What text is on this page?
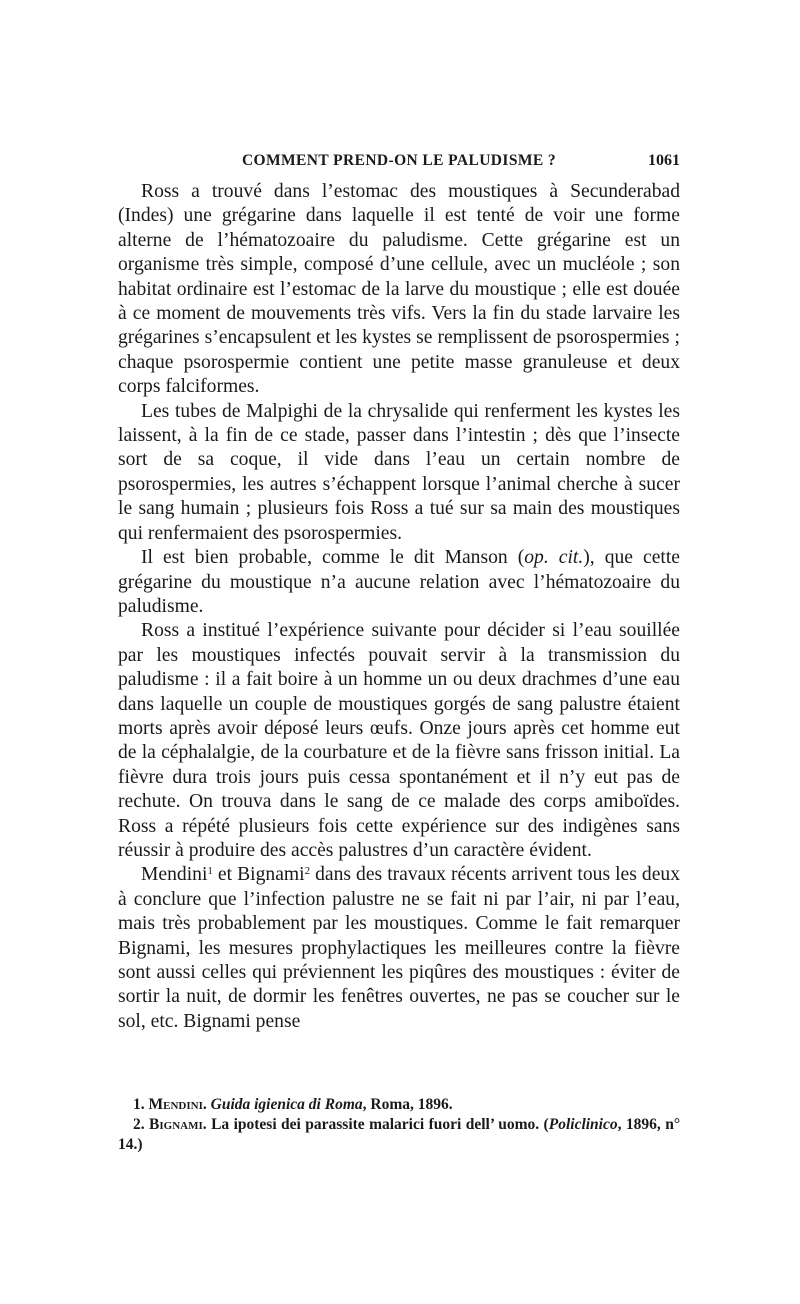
COMMENT PREND-ON LE PALUDISME ?	1061

Ross a trouvé dans l’estomac des moustiques à Secunderabad (Indes) une grégarine dans laquelle il est tenté de voir une forme alterne de l’hématozoaire du paludisme. Cette grégarine est un organisme très simple, composé d’une cellule, avec un mucléole ; son habitat ordinaire est l’estomac de la larve du moustique ; elle est douée à ce moment de mouvements très vifs. Vers la fin du stade larvaire les grégarines s’encapsulent et les kystes se remplissent de psorospermies ; chaque psorospermie contient une petite masse granuleuse et deux corps falciformes.

Les tubes de Malpighi de la chrysalide qui renferment les kystes les laissent, à la fin de ce stade, passer dans l’intestin ; dès que l’insecte sort de sa coque, il vide dans l’eau un certain nombre de psorospermies, les autres s’échappent lorsque l’animal cherche à sucer le sang humain ; plusieurs fois Ross a tué sur sa main des moustiques qui renfermaient des psorospermies.

Il est bien probable, comme le dit Manson (op. cit.), que cette grégarine du moustique n’a aucune relation avec l’hématozoaire du paludisme.

Ross a institué l’expérience suivante pour décider si l’eau souillée par les moustiques infectés pouvait servir à la transmission du paludisme : il a fait boire à un homme un ou deux drachmes d’une eau dans laquelle un couple de moustiques gorgés de sang palustre étaient morts après avoir déposé leurs œufs. Onze jours après cet homme eut de la céphalalgie, de la courbature et de la fièvre sans frisson initial. La fièvre dura trois jours puis cessa spontanément et il n’y eut pas de rechute. On trouva dans le sang de ce malade des corps amiboïdes. Ross a répété plusieurs fois cette expérience sur des indigènes sans réussir à produire des accès palustres d’un caractère évident.

Mendini$^1$ et Bignami$^2$ dans des travaux récents arrivent tous les deux à conclure que l’infection palustre ne se fait ni par l’air, ni par l’eau, mais très probablement par les moustiques. Comme le fait remarquer Bignami, les mesures prophylactiques les meilleures contre la fièvre sont aussi celles qui préviennent les piqûres des moustiques : éviter de sortir la nuit, de dormir les fenêtres ouvertes, ne pas se coucher sur le sol, etc. Bignami pense

1. Mendini. Guida igienica di Roma, Roma, 1896.

2. Bignami. La ipotesi dei parassite malarici fuori dell’ uomo. (Policlinico, 1896, n° 14.)
